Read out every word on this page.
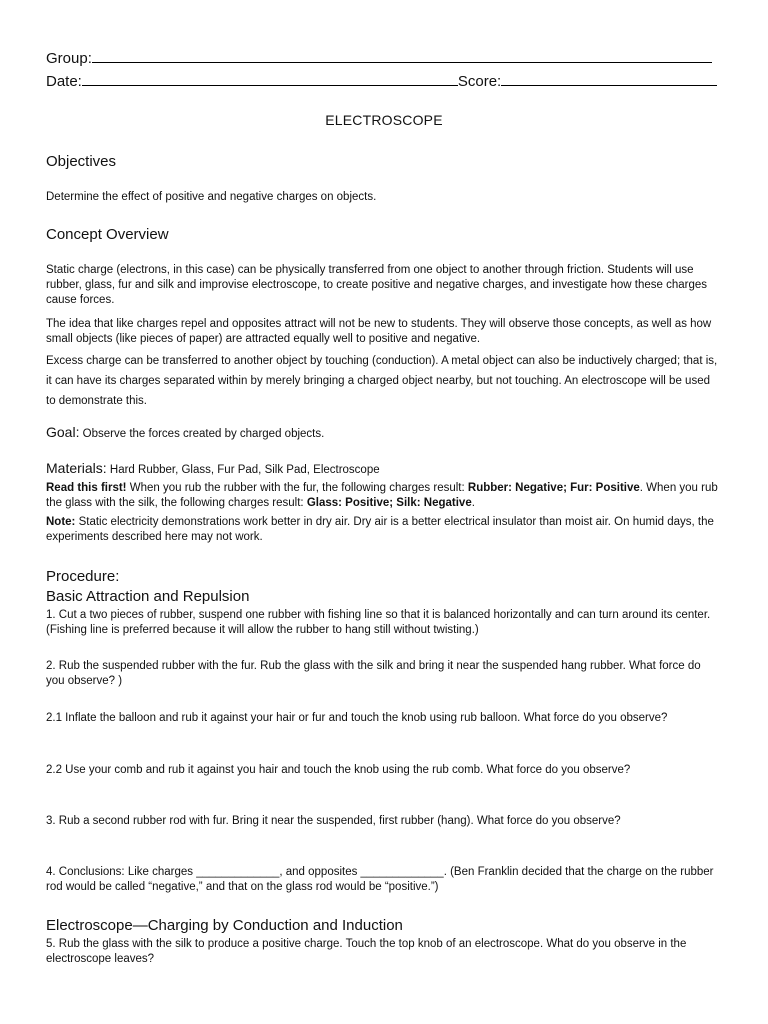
Group:
Date:	Score:
ELECTROSCOPE
Objectives
Determine the effect of positive and negative charges on objects.
Concept Overview
Static charge (electrons, in this case) can be physically transferred from one object to another through friction. Students will use rubber, glass, fur and silk and improvise electroscope, to create positive and negative charges, and investigate how these charges cause forces.
The idea that like charges repel and opposites attract will not be new to students. They will observe those concepts, as well as how small objects (like pieces of paper) are attracted equally well to positive and negative.
Excess charge can be transferred to another object by touching (conduction). A metal object can also be inductively charged; that is, it can have its charges separated within by merely bringing a charged object nearby, but not touching. An electroscope will be used to demonstrate this.
Goal: Observe the forces created by charged objects.
Materials: Hard Rubber, Glass, Fur Pad, Silk Pad, Electroscope
Read this first! When you rub the rubber with the fur, the following charges result: Rubber: Negative; Fur: Positive. When you rub the glass with the silk, the following charges result: Glass: Positive; Silk: Negative.
Note: Static electricity demonstrations work better in dry air. Dry air is a better electrical insulator than moist air. On humid days, the experiments described here may not work.
Procedure:
Basic Attraction and Repulsion
1. Cut a two pieces of rubber, suspend one rubber with fishing line so that it is balanced horizontally and can turn around its center. (Fishing line is preferred because it will allow the rubber to hang still without twisting.)
2. Rub the suspended rubber with the fur. Rub the glass with the silk and bring it near the suspended hang rubber. What force do you observe? )
2.1 Inflate the balloon and rub it against your hair or fur and touch the knob using rub balloon. What force do you observe?
2.2 Use your comb and rub it against you hair and touch the knob using the rub comb. What force do you observe?
3. Rub a second rubber rod with fur. Bring it near the suspended, first rubber (hang). What force do you observe?
4. Conclusions: Like charges _____________, and opposites _____________. (Ben Franklin decided that the charge on the rubber rod would be called “negative,” and that on the glass rod would be “positive.”)
Electroscope—Charging by Conduction and Induction
5. Rub the glass with the silk to produce a positive charge. Touch the top knob of an electroscope. What do you observe in the electroscope leaves?
